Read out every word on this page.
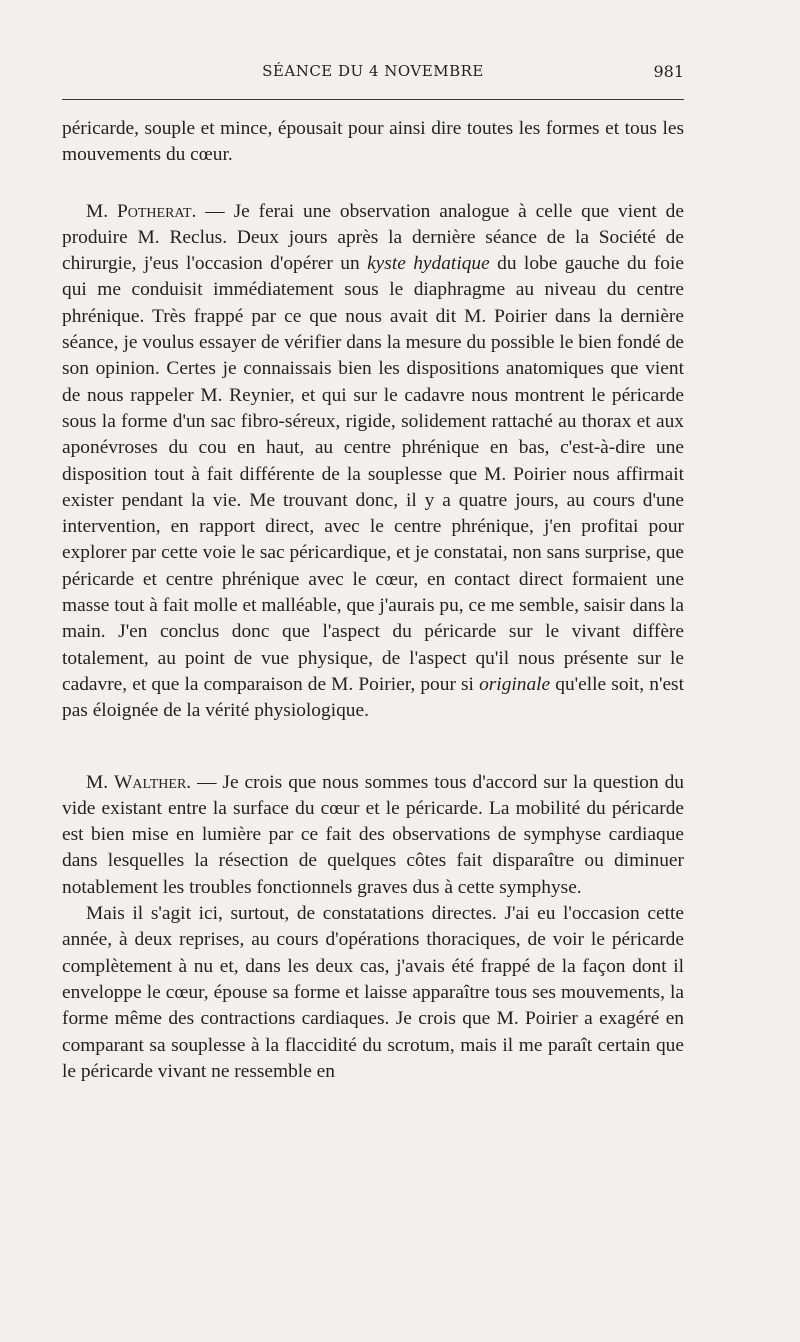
SÉANCE DU 4 NOVEMBRE	981

péricarde, souple et mince, épousait pour ainsi dire toutes les formes et tous les mouvements du cœur.

M. Potherat. — Je ferai une observation analogue à celle que vient de produire M. Reclus. Deux jours après la dernière séance de la Société de chirurgie, j'eus l'occasion d'opérer un kyste hydatique du lobe gauche du foie qui me conduisit immédiatement sous le diaphragme au niveau du centre phrénique. Très frappé par ce que nous avait dit M. Poirier dans la dernière séance, je voulus essayer de vérifier dans la mesure du possible le bien fondé de son opinion. Certes je connaissais bien les dispositions anatomiques que vient de nous rappeler M. Reynier, et qui sur le cadavre nous montrent le péricarde sous la forme d'un sac fibro-séreux, rigide, solidement rattaché au thorax et aux aponévroses du cou en haut, au centre phrénique en bas, c'est-à-dire une disposition tout à fait différente de la souplesse que M. Poirier nous affirmait exister pendant la vie. Me trouvant donc, il y a quatre jours, au cours d'une intervention, en rapport direct, avec le centre phrénique, j'en profitai pour explorer par cette voie le sac péricardique, et je constatai, non sans surprise, que péricarde et centre phrénique avec le cœur, en contact direct formaient une masse tout à fait molle et malléable, que j'aurais pu, ce me semble, saisir dans la main. J'en conclus donc que l'aspect du péricarde sur le vivant diffère totalement, au point de vue physique, de l'aspect qu'il nous présente sur le cadavre, et que la comparaison de M. Poirier, pour si originale qu'elle soit, n'est pas éloignée de la vérité physiologique.

M. Walther. — Je crois que nous sommes tous d'accord sur la question du vide existant entre la surface du cœur et le péricarde. La mobilité du péricarde est bien mise en lumière par ce fait des observations de symphyse cardiaque dans lesquelles la résection de quelques côtes fait disparaître ou diminuer notablement les troubles fonctionnels graves dus à cette symphyse.

Mais il s'agit ici, surtout, de constatations directes. J'ai eu l'occasion cette année, à deux reprises, au cours d'opérations thoraciques, de voir le péricarde complètement à nu et, dans les deux cas, j'avais été frappé de la façon dont il enveloppe le cœur, épouse sa forme et laisse apparaître tous ses mouvements, la forme même des contractions cardiaques. Je crois que M. Poirier a exagéré en comparant sa souplesse à la flaccidité du scrotum, mais il me paraît certain que le péricarde vivant ne ressemble en
